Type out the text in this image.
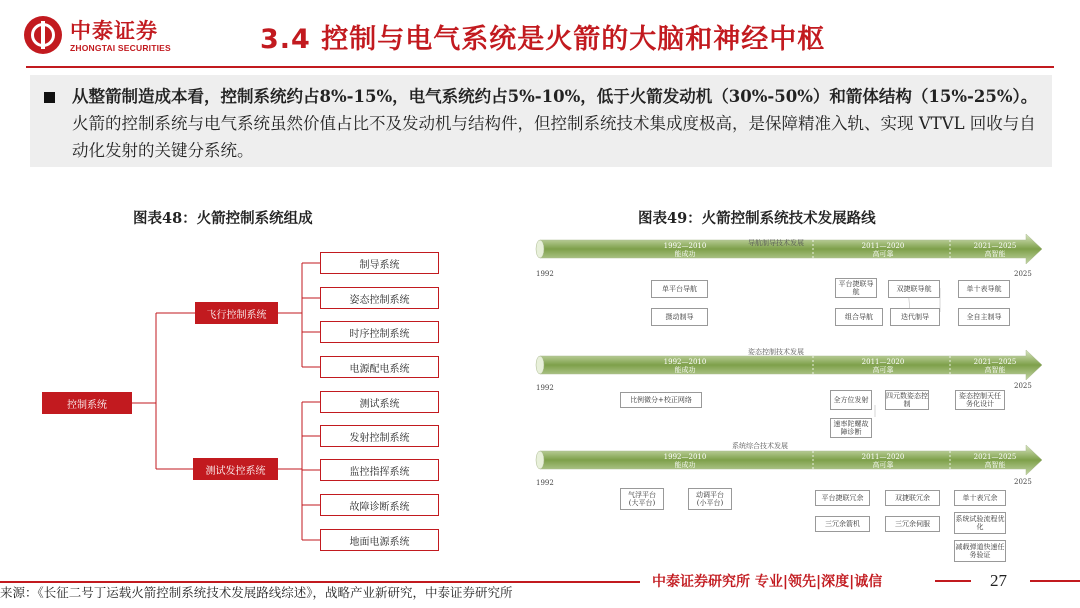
中泰证券
ZHONGTAI SECURITIES	3.4 控制与电气系统是火箭的大脑和神经中枢

从整箭制造成本看，控制系统约占8%-15%，电气系统约占5%-10%，低于火箭发动机（30%-50%）和箭体结构（15%-25%）。火箭的控制系统与电气系统虽然价值占比不及发动机与结构件，但控制系统技术集成度极高，是保障精准入轨、实现 VTVL 回收与自动化发射的关键分系统。

图表48：火箭控制系统组成
控制系统
飞行控制系统
测试发控系统
制导系统
姿态控制系统
时序控制系统
电源配电系统
测试系统
发射控制系统
监控指挥系统
故障诊断系统
地面电源系统
图表49：火箭控制系统技术发展路线
导航制导技术发展
1992—2010
能成功
2011—2020
高可靠
2021—2025
高智能
1992	2025
单平台导航
平台捷联导航	双捷联导航	单十表导航
摄动制导	组合导航	迭代制导	全自主制导
姿态控制技术发展
1992—2010
能成功
2011—2020
高可靠
2021—2025
高智能
1992	2025
比例微分+校正网络	全方位发射	四元数姿态控制
姿态控制天任务化设计
速率陀螺故障诊断
系统综合技术发展
1992—2010
能成功
2011—2020
高可靠
2021—2025
高智能
1992	2025
气浮平台
(大平台)
动调平台
(小平台)
平台捷联冗余	双捷联冗余	单十表冗余
三冗余箭机	三冗余伺服
系统试验流程优化
减载弹道快速任务验证
来源：《长征二号丁运载火箭控制系统技术发展路线综述》，战略产业新研究，中泰证券研究所
中泰证券研究所 专业|领先|深度|诚信	27
